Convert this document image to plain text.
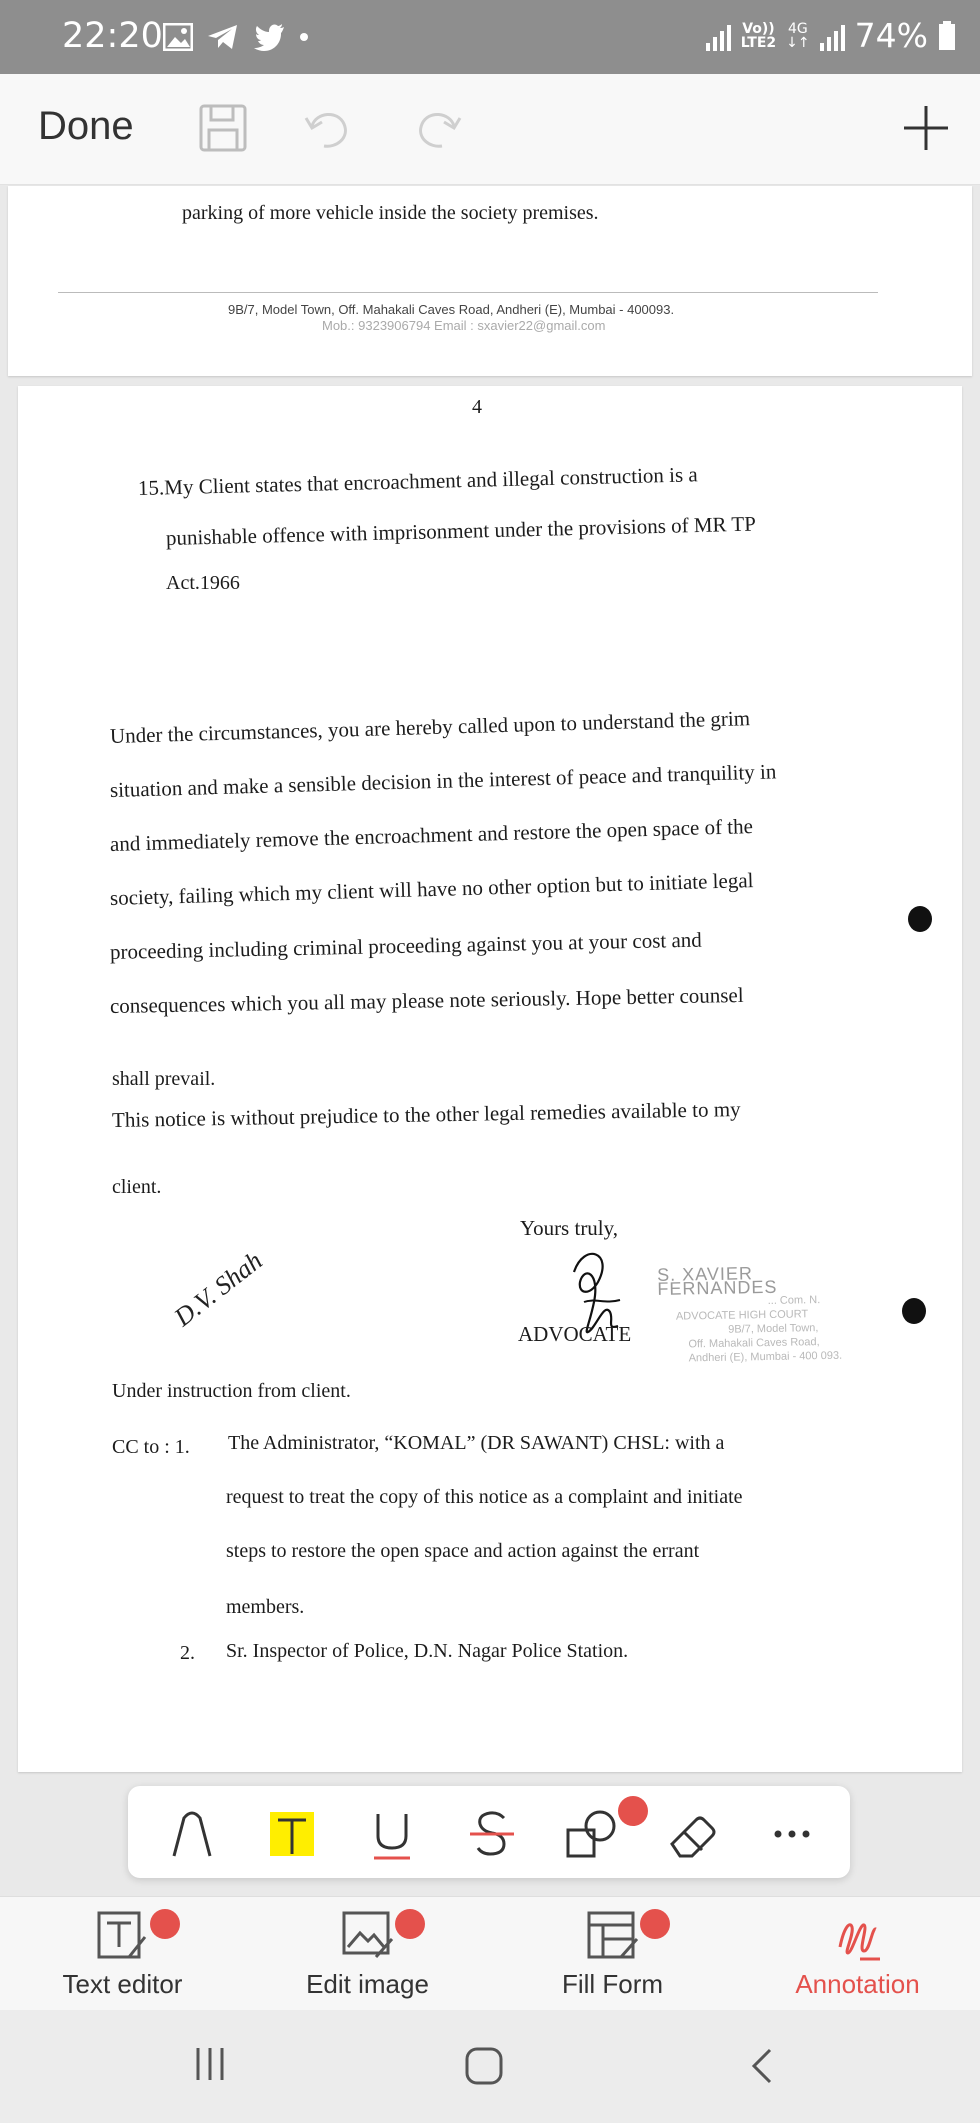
22:20	Vo))
LTE2
4G
↓↑ 74%
Done
parking of more vehicle inside the society premises.
9B/7, Model Town, Off. Mahakali Caves Road, Andheri (E), Mumbai - 400093.
Mob.: 9323906794 Email : sxavier22@gmail.com
4
15.My Client states that encroachment and illegal construction is a
punishable offence with imprisonment under the provisions of MR TP
Act.1966
Under the circumstances, you are hereby called upon to understand the grim
situation and make a sensible decision in the interest of peace and tranquility in
and immediately remove the encroachment and restore the open space of the
society, failing which my client will have no other option but to initiate legal
proceeding including criminal proceeding against you at your cost and
consequences which you all may please note seriously. Hope better counsel
shall prevail.
This notice is without prejudice to the other legal remedies available to my
client.
Yours truly,
D.V. Shah
ADVOCATE
S. XAVIER FERNANDES
... Com. N.
ADVOCATE HIGH COURT
9B/7, Model Town,
Off. Mahakali Caves Road,
Andheri (E), Mumbai - 400 093.
Under instruction from client.
CC to : 1. The Administrator, “KOMAL” (DR SAWANT) CHSL: with a
request to treat the copy of this notice as a complaint and initiate
steps to restore the open space and action against the errant
members.
2. Sr. Inspector of Police, D.N. Nagar Police Station.
Text editor	Edit image	Fill Form	Annotation
